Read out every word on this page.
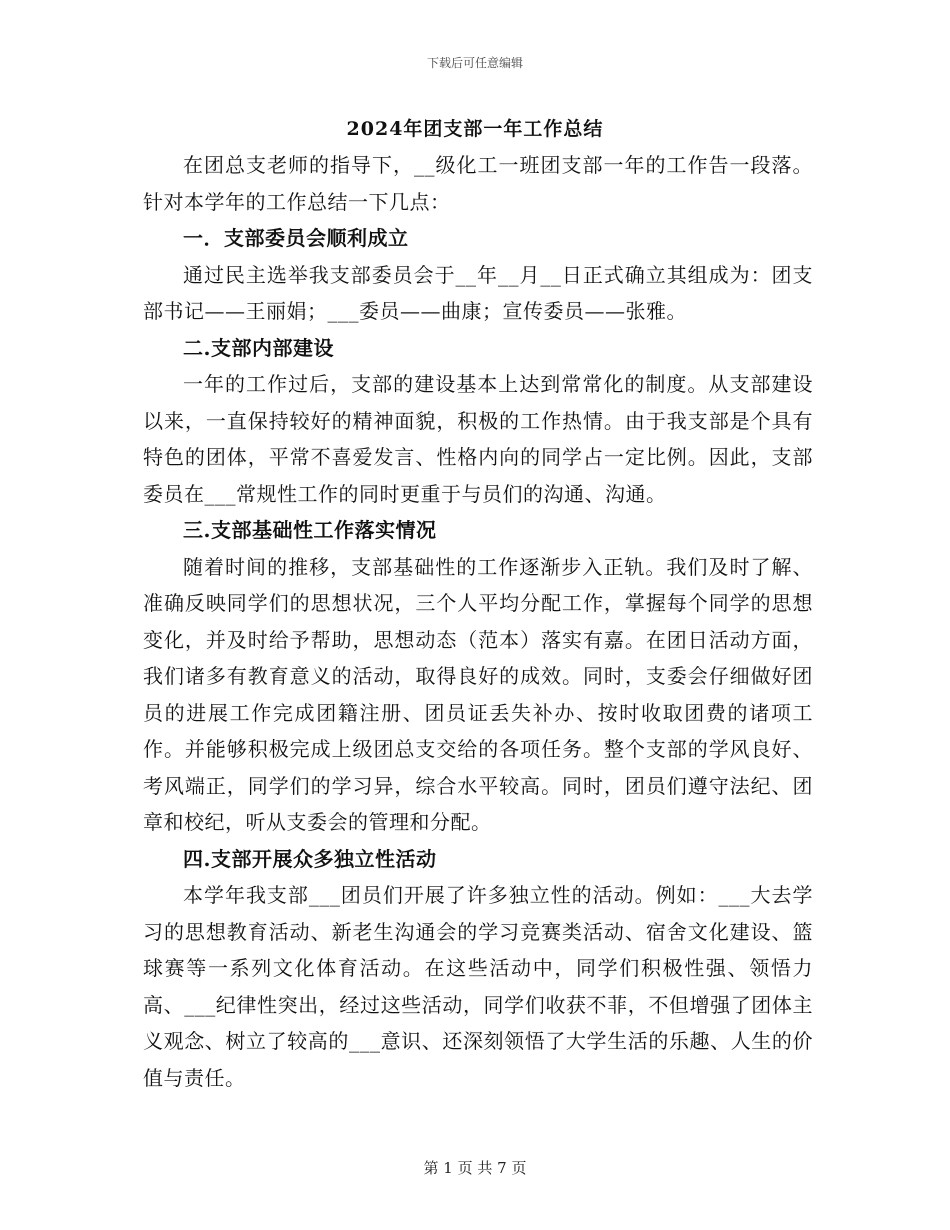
下载后可任意编辑
2024年团支部一年工作总结

在团总支老师的指导下，__级化工一班团支部一年的工作告一段落。针对本学年的工作总结一下几点：

一．支部委员会顺利成立

通过民主选举我支部委员会于__年__月__日正式确立其组成为：团支部书记——王丽娟；___委员——曲康；宣传委员——张雅。

二.支部内部建设

一年的工作过后，支部的建设基本上达到常常化的制度。从支部建设以来，一直保持较好的精神面貌，积极的工作热情。由于我支部是个具有特色的团体，平常不喜爱发言、性格内向的同学占一定比例。因此，支部委员在___常规性工作的同时更重于与员们的沟通、沟通。

三.支部基础性工作落实情况

随着时间的推移，支部基础性的工作逐渐步入正轨。我们及时了解、准确反映同学们的思想状况，三个人平均分配工作，掌握每个同学的思想变化，并及时给予帮助，思想动态（范本）落实有嘉。在团日活动方面，我们诸多有教育意义的活动，取得良好的成效。同时，支委会仔细做好团员的进展工作完成团籍注册、团员证丢失补办、按时收取团费的诸项工作。并能够积极完成上级团总支交给的各项任务。整个支部的学风良好、考风端正，同学们的学习异，综合水平较高。同时，团员们遵守法纪、团章和校纪，听从支委会的管理和分配。

四.支部开展众多独立性活动

本学年我支部___团员们开展了许多独立性的活动。例如：___大去学习的思想教育活动、新老生沟通会的学习竞赛类活动、宿舍文化建设、篮球赛等一系列文化体育活动。在这些活动中，同学们积极性强、领悟力高、___纪律性突出，经过这些活动，同学们收获不菲，不但增强了团体主义观念、树立了较高的___意识、还深刻领悟了大学生活的乐趣、人生的价值与责任。

第 1 页 共 7 页
